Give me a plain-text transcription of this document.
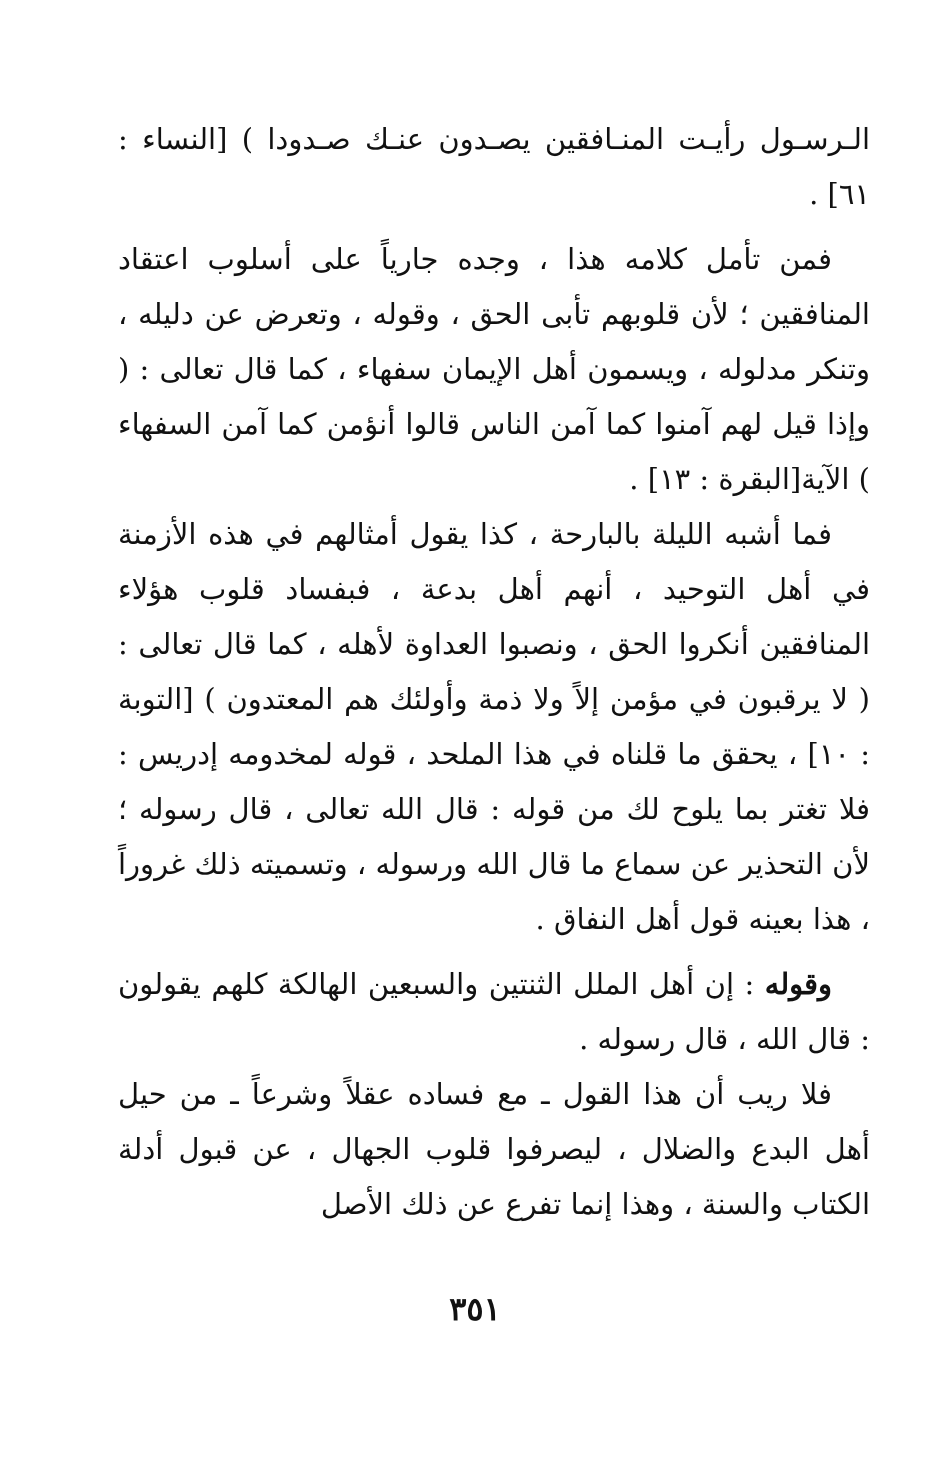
الـرسـول رأيـت المنـافقين يصـدون عنـك صـدودا ) [النساء : ٦١] .

فمن تأمل كلامه هذا ، وجده جارياً على أسلوب اعتقاد المنافقين ؛ لأن قلوبهم تأبى الحق ، وقوله ، وتعرض عن دليله ، وتنكر مدلوله ، ويسمون أهل الإيمان سفهاء ، كما قال تعالى : ( وإذا قيل لهم آمنوا كما آمن الناس قالوا أنؤمن كما آمن السفهاء ) الآية[البقرة : ١٣] .

فما أشبه الليلة بالبارحة ، كذا يقول أمثالهم في هذه الأزمنة في أهل التوحيد ، أنهم أهل بدعة ، فبفساد قلوب هؤلاء المنافقين أنكروا الحق ، ونصبوا العداوة لأهله ، كما قال تعالى : ( لا يرقبون في مؤمن إلاً ولا ذمة وأولئك هم المعتدون ) [التوبة : ١٠] ، يحقق ما قلناه في هذا الملحد ، قوله لمخدومه إدريس : فلا تغتر بما يلوح لك من قوله : قال الله تعالى ، قال رسوله ؛ لأن التحذير عن سماع ما قال الله ورسوله ، وتسميته ذلك غروراً ، هذا بعينه قول أهل النفاق .

وقوله : إن أهل الملل الثنتين والسبعين الهالكة كلهم يقولون : قال الله ، قال رسوله .

فلا ريب أن هذا القول ـ مع فساده عقلاً وشرعاً ـ من حيل أهل البدع والضلال ، ليصرفوا قلوب الجهال ، عن قبول أدلة الكتاب والسنة ، وهذا إنما تفرع عن ذلك الأصل

٣٥١
